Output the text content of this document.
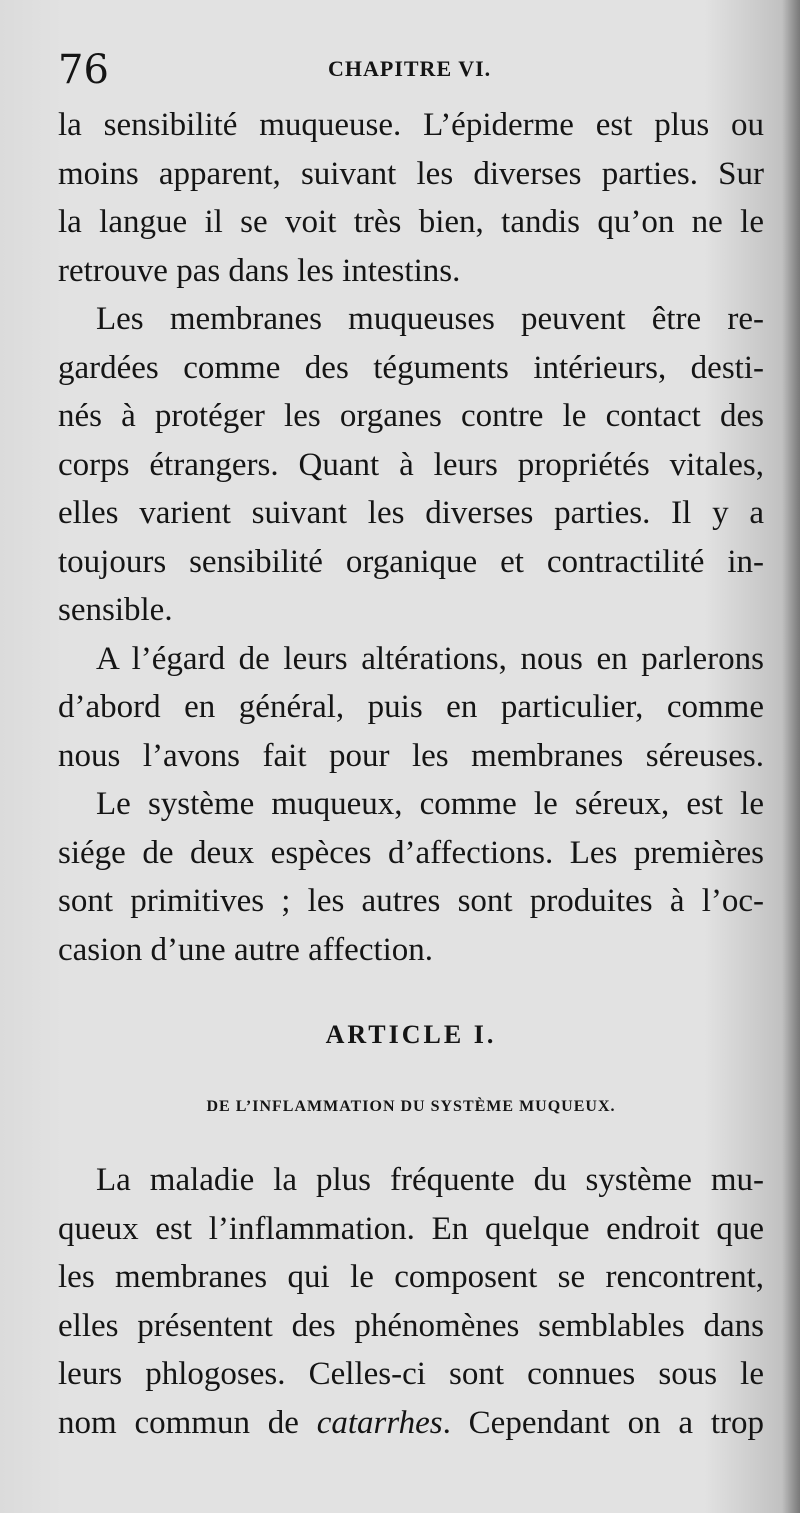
76	CHAPITRE VI.

la sensibilité muqueuse. L’épiderme est plus ou
moins apparent, suivant les diverses parties. Sur
la langue il se voit très bien, tandis qu’on ne le
retrouve pas dans les intestins.

Les membranes muqueuses peuvent être re-
gardées comme des téguments intérieurs, desti-
nés à protéger les organes contre le contact des
corps étrangers. Quant à leurs propriétés vitales,
elles varient suivant les diverses parties. Il y a
toujours sensibilité organique et contractilité in-
sensible.

A l’égard de leurs altérations, nous en parlerons
d’abord en général, puis en particulier, comme
nous l’avons fait pour les membranes séreuses.

Le système muqueux, comme le séreux, est le
siége de deux espèces d’affections. Les premières
sont primitives ; les autres sont produites à l’oc-
casion d’une autre affection.

ARTICLE I.
DE L’INFLAMMATION DU SYSTÈME MUQUEUX.

La maladie la plus fréquente du système mu-
queux est l’inflammation. En quelque endroit que
les membranes qui le composent se rencontrent,
elles présentent des phénomènes semblables dans
leurs phlogoses. Celles-ci sont connues sous le
nom commun de catarrhes. Cependant on a trop
